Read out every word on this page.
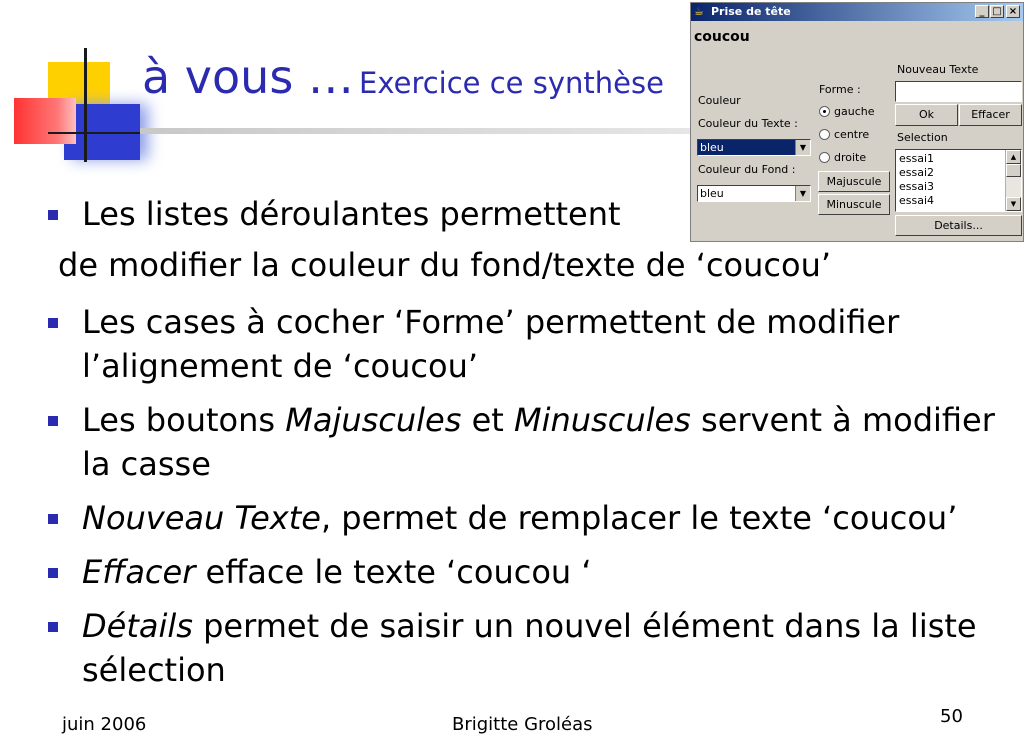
à vous … Exercice ce synthèse
Les listes déroulantes permettent
de modifier la couleur du fond/texte de ‘coucou’
Les cases à cocher ‘Forme’ permettent de modifier l’alignement de ‘coucou’
Les boutons Majuscules et Minuscules servent à modifier la casse
Nouveau Texte, permet de remplacer le texte ‘coucou’
Effacer efface le texte ‘coucou ‘
Détails permet de saisir un nouvel élément dans la liste sélection
juin 2006	Brigitte Groléas	50
☕ Prise de tête	_ □ ×
coucou
Couleur
Couleur du Texte :
bleu	▼
Couleur du Fond :
bleu	▼
Forme :
gauche
centre
droite
Majuscule
Minuscule
Nouveau Texte
Ok	Effacer
Selection
essai1
essai2
essai3
essai4
▲
▼
Details...
